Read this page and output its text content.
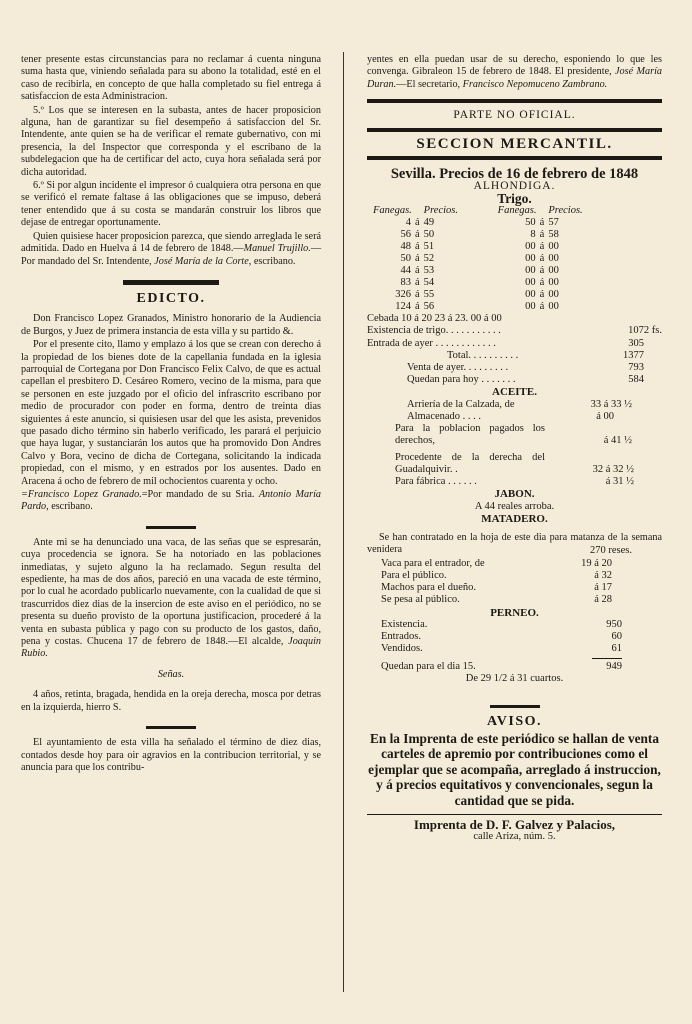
tener presente estas circunstancias para no reclamar á cuenta ninguna suma hasta que, viniendo señalada para su abono la totalidad, esté en el caso de recibirla, en concepto de que halla completado su fiel entrega á satisfaccion de esta Administracion.

5.º Los que se interesen en la subasta, antes de hacer proposicion alguna, han de garantizar su fiel desempeño á satisfaccion del Sr. Intendente, ante quien se ha de verificar el remate gubernativo, con mi presencia, la del Inspector que corresponda y el escribano de la subdelegacion que ha de certificar del acto, cuya hora señalada será por dicha autoridad.

6.º Si por algun incidente el impresor ó cualquiera otra persona en que se verificó el remate faltase á las obligaciones que se impuso, deberá tener entendido que á su costa se mandarán construir los libros que dejase de entregar oportunamente.

Quien quisiese hacer proposicion parezca, que siendo arreglada le será admitida. Dado en Huelva á 14 de febrero de 1848.—Manuel Trujillo.—Por mandado del Sr. Intendente, José María de la Corte, escribano.

EDICTO.

Don Francisco Lopez Granados, Ministro honorario de la Audiencia de Burgos, y Juez de primera instancia de esta villa y su partido &.

Por el presente cito, llamo y emplazo á los que se crean con derecho á la propiedad de los bienes dote de la capellania fundada en la iglesia parroquial de Cortegana por Don Francisco Felix Calvo, de que es actual capellan el presbitero D. Cesáreo Romero, vecino de la misma, para que se personen en este juzgado por el oficio del infrascrito escribano por medio de procurador con poder en forma, dentro de treinta dias siguientes á este anuncio, si quisiesen usar del que les asista, prevenidos que pasado dicho término sin haberlo verificado, les parará el perjuicio que haya lugar, y sustanciarán los autos que ha promovido Don Andres Calvo y Bora, vecino de dicha de Cortegana, solicitando la indicada propiedad, con el mismo, y en estrados por los ausentes. Dado en Aracena á ocho de febrero de mil ochocientos cuarenta y ocho.

=Francisco Lopez Granado.=Por mandado de su Sria. Antonio María Pardo, escribano.

Ante mi se ha denunciado una vaca, de las señas que se espresarán, cuya procedencia se ignora. Se ha notoriado en las poblaciones inmediatas, y sujeto alguno la ha reclamado. Segun resulta del espediente, ha mas de dos años, pareció en una vacada de este término, por lo cual he acordado publicarlo nuevamente, con la cualidad de que si trascurridos diez dias de la insercion de este aviso en el periódico, no se presenta su dueño provisto de la oportuna justificacion, procederé á la venta en subasta pública y pago con su producto de los gastos, daño, pena y costas. Chucena 17 de febrero de 1848.—El alcalde, Joaquin Rubio.

Señas.

4 años, retinta, bragada, hendida en la oreja derecha, mosca por detras en la izquierda, hierro S.

El ayuntamiento de esta villa ha señalado el término de diez dias, contados desde hoy para oir agravios en la contribucion territorial, y se anuncia para que los contribu-

yentes en ella puedan usar de su derecho, esponiendo lo que les convenga. Gibraleon 15 de febrero de 1848. El presidente, José María Duran.—El secretario, Francisco Nepomuceno Zambrano.

PARTE NO OFICIAL.
SECCION MERCANTIL.
Sevilla. Precios de 16 de febrero de 1848
ALHONDIGA.
Trigo.
Fanegas.		Precios.	Fanegas.		Precios.
4	á	49	50	á	57
56	á	50	8	á	58
48	á	51	00	á	00
50	á	52	00	á	00
44	á	53	00	á	00
83	á	54	00	á	00
326	á	55	00	á	00
124	á	56	00	á	00
Cebada 10 á 20 23 á 23. 00 á 00
Existencia de trigo. . . . . . . . . . .	1072 fs.
Entrada de ayer . . . . . . . . . . . .	305
Total. . . . . . . . . .	1377
Venta de ayer. . . . . . . . .	793
Quedan para hoy . . . . . . .	584
ACEITE.
Arriería de la Calzada, de	33 á 33 ½
Almacenado . . . .	á 00
Para la poblacion pagados los derechos,	á 41 ½
Procedente de la derecha del Guadalquivir. .	32 á 32 ½
Para fábrica . . . . . .	á 31 ½
JABON.
A 44 reales arroba.
MATADERO.

Se han contratado en la hoja de este dia para matanza de la semana venidera	270 reses.
Vaca para el entrador, de	19 á 20
Para el público.	á 32
Machos para el dueño.	á 17
Se pesa al público.	á 28
PERNEO.
Existencia.	950
Entrados.	60
Vendidos.	61
Quedan para el dia 15.	949
De 29 1/2 á 31 cuartos.
AVISO.
En la Imprenta de este periódico se hallan de venta carteles de apremio por contribuciones como el ejemplar que se acompaña, arreglado á instruccion, y á precios equitativos y convencionales, segun la cantidad que se pida.
Imprenta de D. F. Galvez y Palacios,
calle Ariza, núm. 5.
